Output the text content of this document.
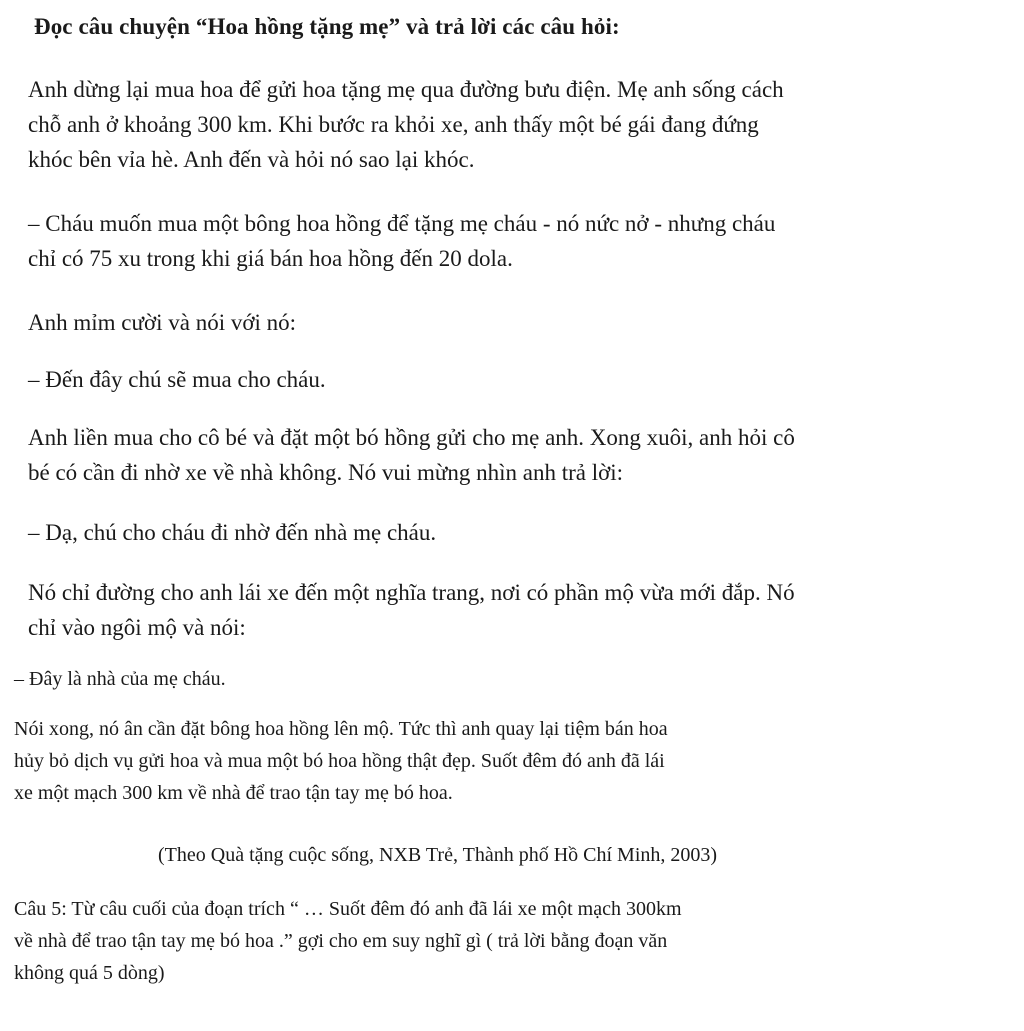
Đọc câu chuyện “Hoa hồng tặng mẹ” và trả lời các câu hỏi:
Anh dừng lại mua hoa để gửi hoa tặng mẹ qua đường bưu điện. Mẹ anh sống cách
chỗ anh ở khoảng 300 km. Khi bước ra khỏi xe, anh thấy một bé gái đang đứng
khóc bên vỉa hè. Anh đến và hỏi nó sao lại khóc.
– Cháu muốn mua một bông hoa hồng để tặng mẹ cháu - nó nức nở - nhưng cháu
chỉ có 75 xu trong khi giá bán hoa hồng đến 20 dola.
Anh mỉm cười và nói với nó:
– Đến đây chú sẽ mua cho cháu.
Anh liền mua cho cô bé và đặt một bó hồng gửi cho mẹ anh. Xong xuôi, anh hỏi cô
bé có cần đi nhờ xe về nhà không. Nó vui mừng nhìn anh trả lời:
– Dạ, chú cho cháu đi nhờ đến nhà mẹ cháu.
Nó chỉ đường cho anh lái xe đến một nghĩa trang, nơi có phần mộ vừa mới đắp. Nó
chỉ vào ngôi mộ và nói:
– Đây là nhà của mẹ cháu.
Nói xong, nó ân cần đặt bông hoa hồng lên mộ. Tức thì anh quay lại tiệm bán hoa
hủy bỏ dịch vụ gửi hoa và mua một bó hoa hồng thật đẹp. Suốt đêm đó anh đã lái
xe một mạch 300 km về nhà để trao tận tay mẹ bó hoa.
(Theo Quà tặng cuộc sống, NXB Trẻ, Thành phố Hồ Chí Minh, 2003)
Câu 5: Từ câu cuối của đoạn trích “ … Suốt đêm đó anh đã lái xe một mạch 300km
về nhà để trao tận tay mẹ bó hoa .” gợi cho em suy nghĩ gì ( trả lời bằng đoạn văn
không quá 5 dòng)
